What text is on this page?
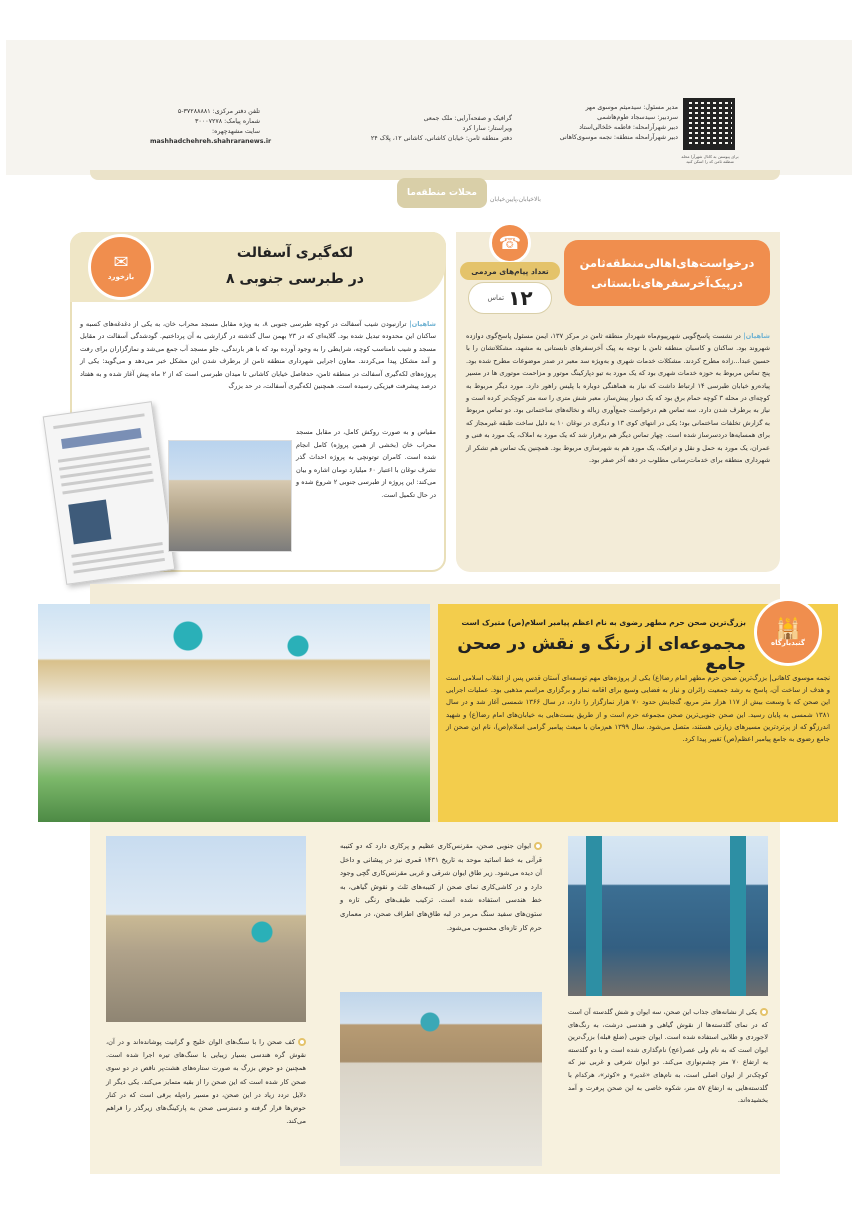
برای پیوستن به کانال شهرآرا محله منطقه ثامن کد را اسکن کنید
مدیر مسئول: سیدمیثم موسوی مهر
سردبیر: سیدسجاد طوم‌هاشمی
دبیر شهرآرامحله: فاطمه خلخالی‌استاد
دبیر شهرآرامحله منطقه: نجمه موسوی‌کاهانی
گرافیک و صفحه‌آرایی: ملک جمعی
ویراستار: سارا کرد
دفتر منطقه ثامن: خیابان کاشانی، کاشانی ۱۲، پلاک ۲۴
تلفن دفتر مرکزی: ۳۷۲۸۸۸۸۱-۵
شماره پیامک: ۳۰۰۰۷۲۷۸
سایت مشهدچهره:
mashhadchehreh.shahraranews.ir
محلات منطقه‌ما
بالاخیابان،پایین‌خیابان
درخواست‌های‌اهالی‌منطقه‌ثامن
درپیک‌آخرسفرهای‌تابستانی
☎
تعداد پیام‌های مردمی
۱۲
تماس
شاهیان| در نشست پاسخ‌گویی شهرپیوم‌ماه شهردار منطقه ثامن در مرکز ۱۳۷، ایمن مسئول پاسخ‌گوی دوازده شهروند بود. ساکنان و کاسبان منطقه ثامن با توجه به پیک آخرسفرهای تابستانی به مشهد، مشکلاتشان را با حسین عبدا...زاده مطرح کردند. مشکلات خدمات شهری و به‌ویژه سد معبر در صدر موضوعات مطرح شده بود. پنج تماس مربوط به حوزه خدمات شهری بود که یک مورد به تیو دپارکینگ موتور و مزاحمت موتوری ها در مسیر پیاده‌رو خیابان طبرسی ۱۴ ارتباط داشت که نیاز به هماهنگی دوباره با پلیس راهور دارد. مورد دیگر مربوط به کوچه‌ای در محله ۳ کوچه حمام برق بود که یک دیوار پیش‌ساز، معبر شش متری را سه متر کوچک‌تر کرده است و نیاز به برطرف شدن دارد. سه تماس هم درخواست جمع‌آوری زباله و نخاله‌های ساختمانی بود. دو تماس مربوط به گزارش تخلفات ساختمانی بود؛ یکی در انتهای کوی ۱۳ و دیگری در نوغان ۱۰ به دلیل ساخت طبقه غیرمجاز که برای همسایه‌ها دردسرساز شده است. چهار تماس دیگر هم برقرار شد که یک مورد به املاک، یک مورد به فنی و عمران، یک مورد به حمل و نقل و ترافیک، یک مورد هم به شهرسازی مربوط بود. همچنین یک تماس هم تشکر از شهرداری منطقه برای خدمات‌رسانی مطلوب در دهه آخر صفر بود.
لکه‌گیری آسفالت
در طبرسی جنوبی ۸
✉
بازخورد
شاهیان| ترازنبودن شیب آسفالت در کوچه طبرسی جنوبی ۸، به ویژه مقابل مسجد محراب خان، به یکی از دغدغه‌های کسبه و ساکنان این محدوده تبدیل شده بود. گلایه‌ای که در ۲۳ بهمن سال گذشته در گزارشی به آن پرداختیم. گودشدگی آسفالت در مقابل مسجد و شیب نامناسب کوچه، شرایطی را به وجود آورده بود که با هر بارندگی، جلو مسجد آب جمع می‌شد و نمازگزاران برای رفت و آمد مشکل پیدا می‌کردند. معاون اجرایی شهرداری منطقه ثامن از برطرف شدن این مشکل خبر می‌دهد و می‌گوید: یکی از پروژه‌های لکه‌گیری آسفالت در منطقه ثامن، حدفاصل خیابان کاشانی تا میدان طبرسی است که از ۲ ماه پیش آغاز شده و به هفتاد درصد پیشرفت فیزیکی رسیده است. همچنین لکه‌گیری آسفالت، در حد بزرگ
مقیاس و به صورت روکش کامل، در مقابل مسجد محراب خان (بخشی از همین پروژه) کامل انجام شده است. کامران توتونچی به پروژه احداث گذر تشرف نوغان با اعتبار ۶۰ میلیارد تومان اشاره و بیان می‌کند: این پروژه از طبرسی جنوبی ۲ شروع شده و در حال تکمیل است.
🕌
گنبدبارگاه
بزرگ‌ترین صحن حرم مطهر رضوی به نام اعظم پیامبر اسلام(ص) متبرک است
مجموعه‌ای از رنگ و نقش در صحن جامع
نجمه موسوی کاهانی| بزرگ‌ترین صحن حرم مطهر امام رضا(ع) یکی از پروژه‌های مهم توسعه‌ای آستان قدس پس از انقلاب اسلامی است و هدف از ساخت آن، پاسخ به رشد جمعیت زائران و نیاز به فضایی وسیع برای اقامه نماز و برگزاری مراسم مذهبی بود. عملیات اجرایی این صحن که با وسعت بیش از ۱۱۷ هزار متر مربع، گنجایش حدود ۷۰ هزار نمازگزار را دارد، در سال ۱۳۶۶ شمسی آغاز شد و در سال ۱۳۸۱ شمسی به پایان رسید. این صحن جنوبی‌ترین صحن مجموعه حرم است و از طریق بست‌هایی به خیابان‌های امام رضا(ع) و شهید اندرزگو که از پرتردترین مسیرهای زیارتی هستند، متصل می‌شود. سال ۱۳۹۹ هم‌زمان با میعث پیامبر گرامی اسلام(ص)، نام این صحن از جامع رضوی به جامع پیامبر اعظم(ص) تغییر پیدا کرد.
ایوان جنوبی صحن، مقرنس‌کاری عظیم و پرکاری دارد که دو کتیبه قرآنی به خط اساتید موحد به تاریخ ۱۴۳۱ قمری نیز در پیشانی و داخل آن دیده می‌شود. زیر طاق ایوان شرقی و غربی مقرنس‌کاری گچی وجود دارد و در کاشی‌کاری نمای صحن از کتیبه‌های ثلث و نقوش گیاهی، به خط هندسی استفاده شده است. ترکیب طیف‌های رنگی تازه و ستون‌های سفید سنگ مرمر در لبه طاق‌های اطراف صحن، در معماری حرم کار تازه‌ای محسوب می‌شود.
کف صحن را با سنگ‌های الوان خلیج و گرانیت پوشانده‌اند و در آن، نقوش گره هندسی بسیار زیبایی با سنگ‌های تیره اجرا شده است. همچنین دو حوض بزرگ به صورت ستاره‌های هشت‌پر ناقص در دو سوی صحن کار شده است که این صحن را از بقیه متمایز می‌کند. یکی دیگر از دلایل تردد زیاد در این صحن، دو مسیر راه‌پله برقی است که در کنار حوض‌ها قرار گرفته و دسترسی صحن به پارکینگ‌های زیرگذر را فراهم می‌کند.
یکی از نشانه‌های جذاب این صحن، سه ایوان و شش گلدسته آن است که در نمای گلدسته‌ها از نقوش گیاهی و هندسی درشت، به رنگ‌های لاجوردی و طلایی استفاده شده است. ایوان جنوبی (ضلع قبله) بزرگ‌ترین ایوان است که به نام ولی عصر(عج) نام‌گذاری شده است و با دو گلدسته به ارتفاع ۷۰ متر چشم‌نوازی می‌کند. دو ایوان شرقی و غربی نیز که کوچک‌تر از ایوان اصلی است، به نام‌های «غدیر» و «کوثر»، هرکدام با گلدسته‌هایی به ارتفاع ۵۷ متر، شکوه خاصی به این صحن پرفرت و آمد بخشیده‌اند.
